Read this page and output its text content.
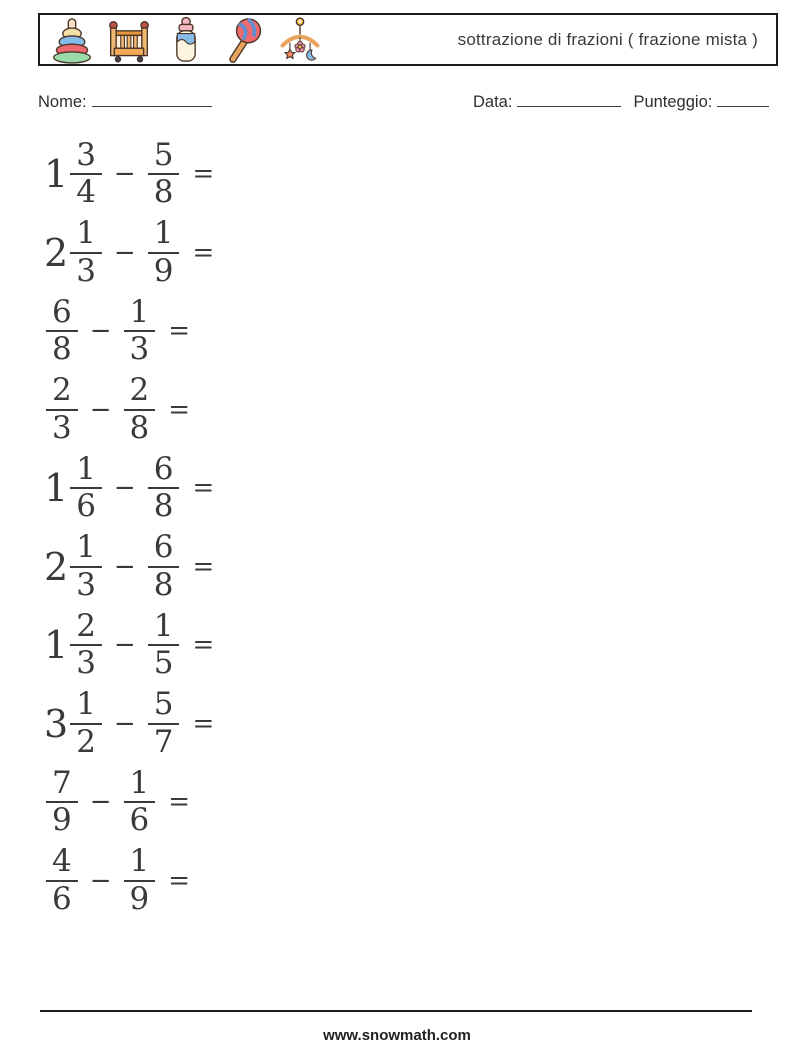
sottrazione di frazioni ( frazione mista )
Nome:	Data:	Punteggio:
$1 \frac{3}{4} - \frac{5}{8}$ =
$2 \frac{1}{3} - \frac{1}{9}$ =
$\frac{6}{8} - \frac{1}{3}$ =
$\frac{2}{3} - \frac{2}{8}$ =
$1 \frac{1}{6} - \frac{6}{8}$ =
$2 \frac{1}{3} - \frac{6}{8}$ =
$1 \frac{2}{3} - \frac{1}{5}$ =
$3 \frac{1}{2} - \frac{5}{7}$ =
$\frac{7}{9} - \frac{1}{6}$ =
$\frac{4}{6} - \frac{1}{9}$ =
www.snowmath.com
